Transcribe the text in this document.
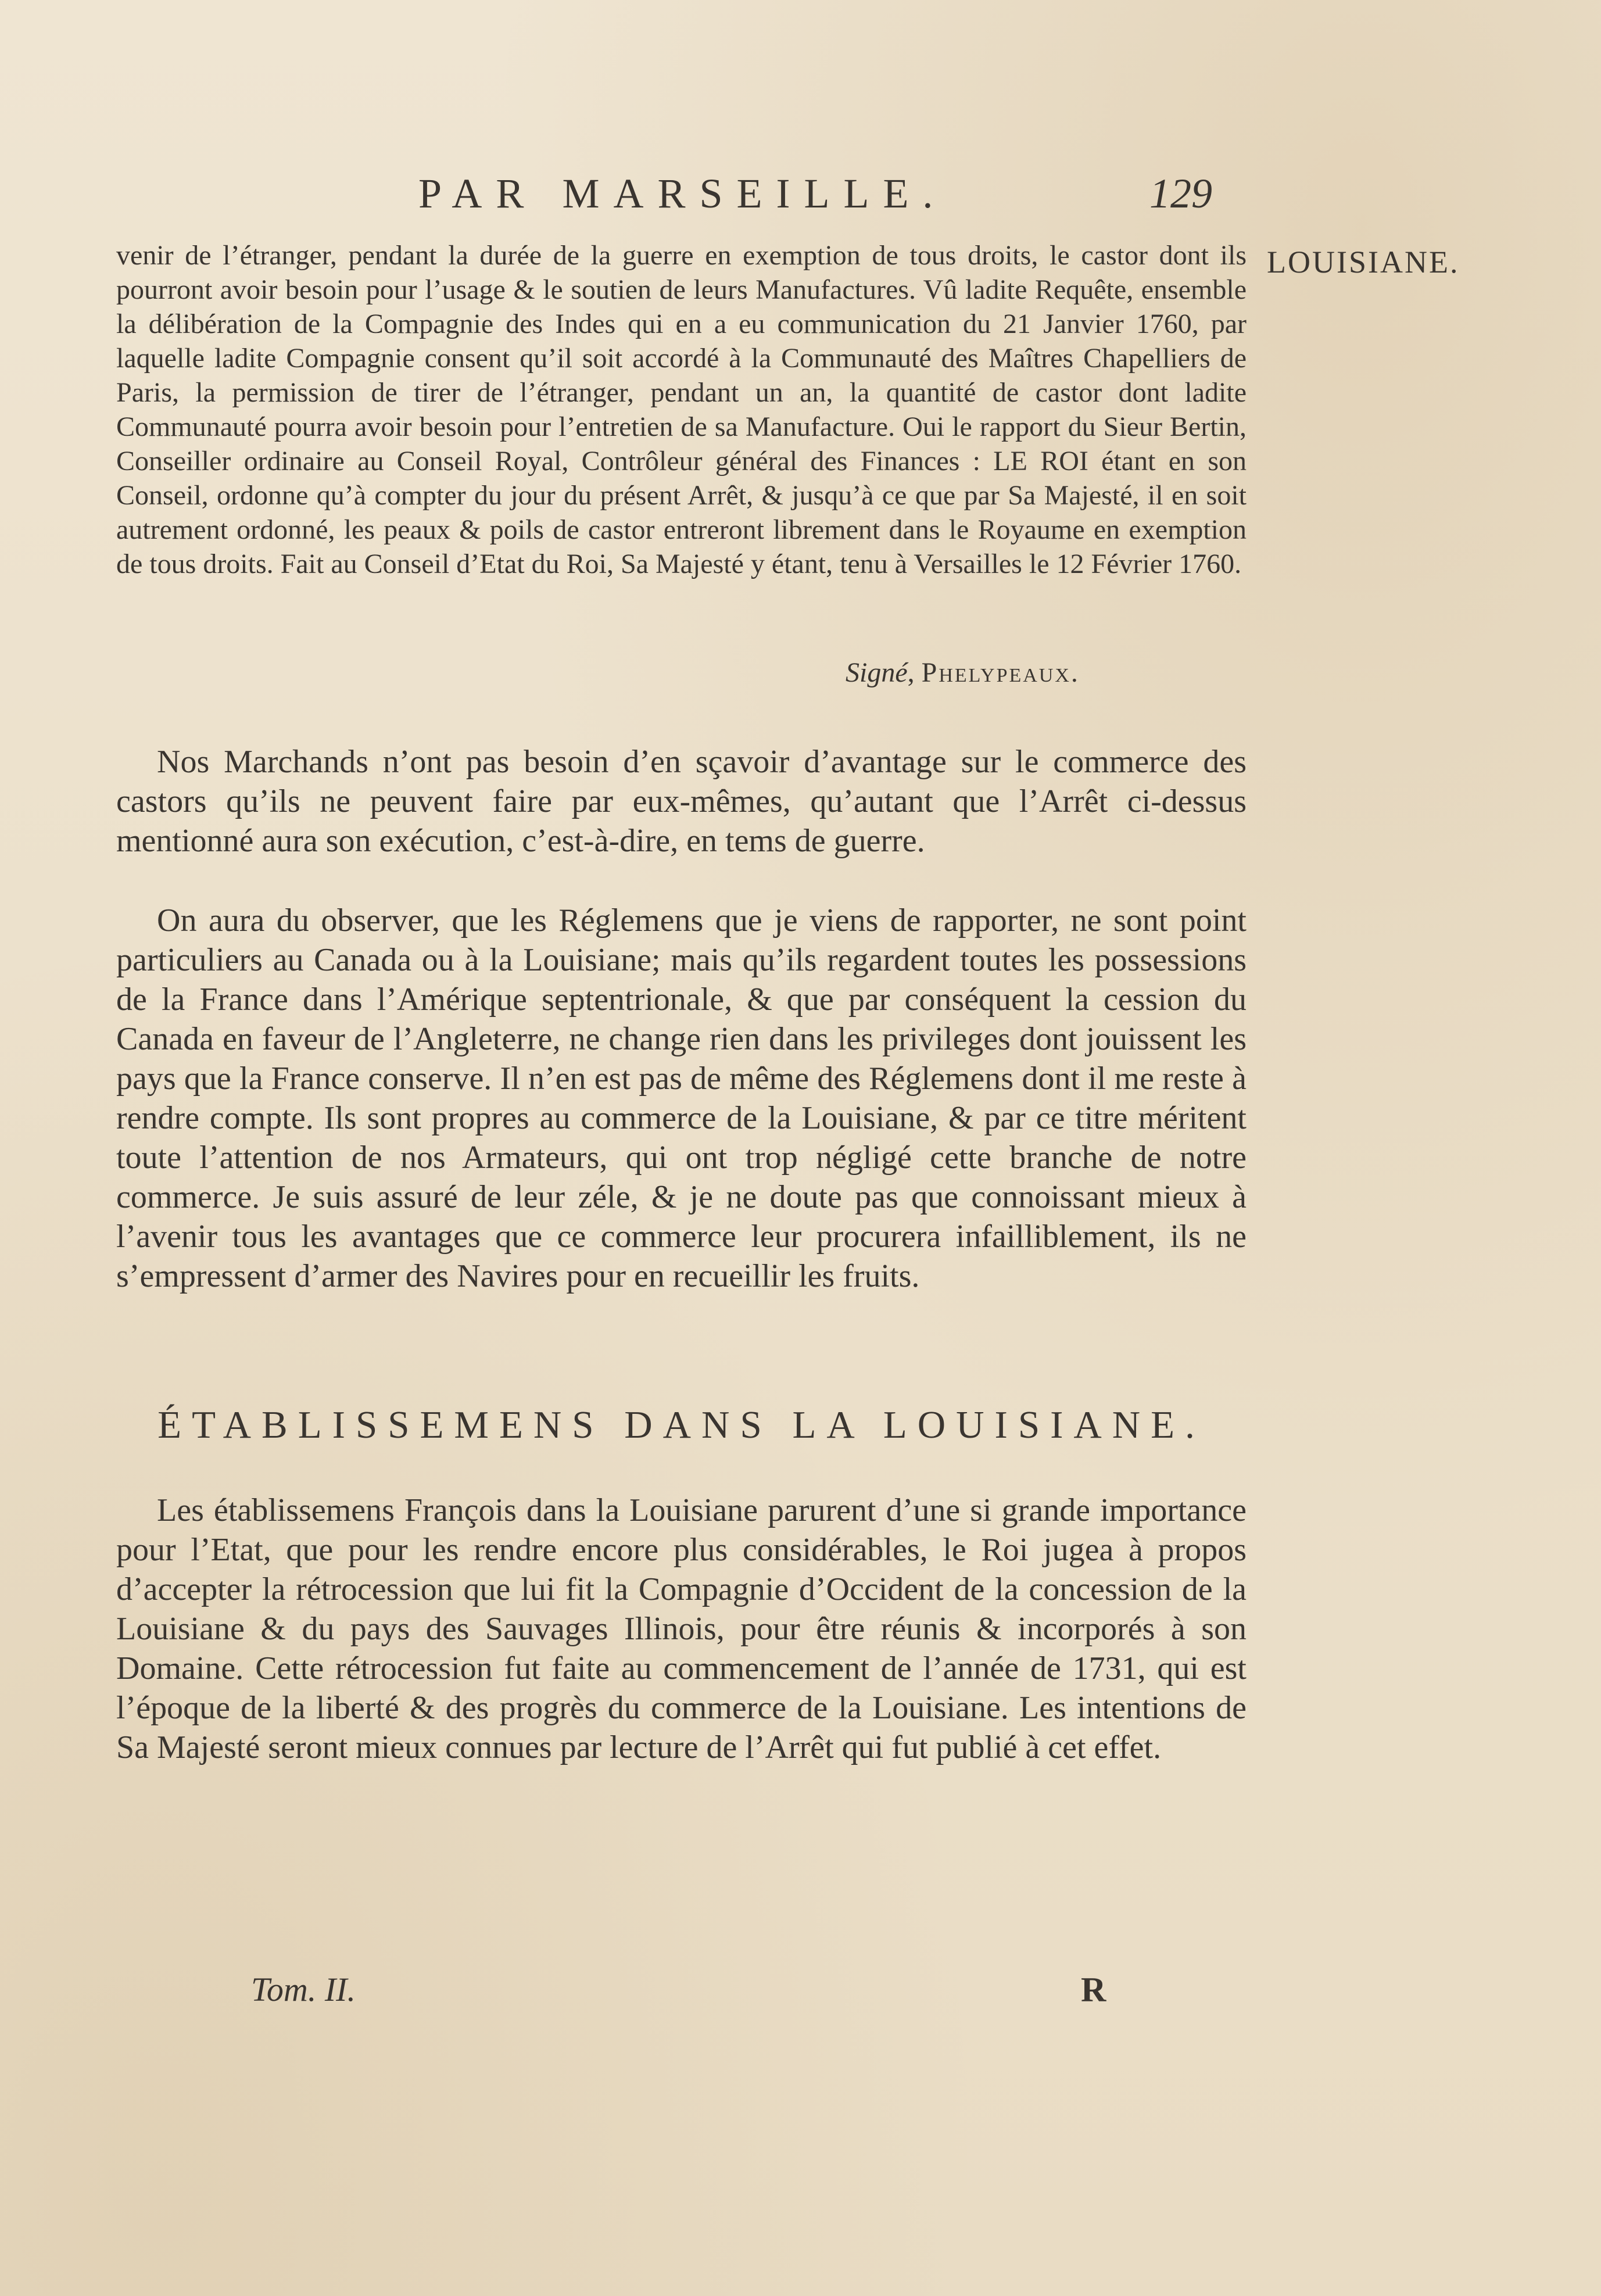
PAR MARSEILLE.	129
LOUISIANE.

venir de l’étranger, pendant la durée de la guerre en exemption de tous droits, le castor dont ils pourront avoir besoin pour l’usage & le soutien de leurs Manufactures. Vû ladite Requête, ensemble la délibération de la Compagnie des Indes qui en a eu communication du 21 Janvier 1760, par laquelle ladite Compagnie consent qu’il soit accordé à la Communauté des Maîtres Chapelliers de Paris, la permission de tirer de l’étranger, pendant un an, la quantité de castor dont ladite Communauté pourra avoir besoin pour l’entretien de sa Manufacture. Oui le rapport du Sieur Bertin, Conseiller ordinaire au Conseil Royal, Contrôleur général des Finances : LE ROI étant en son Conseil, ordonne qu’à compter du jour du présent Arrêt, & jusqu’à ce que par Sa Majesté, il en soit autrement ordonné, les peaux & poils de castor entreront librement dans le Royaume en exemption de tous droits. Fait au Conseil d’Etat du Roi, Sa Majesté y étant, tenu à Versailles le 12 Février 1760.

Signé, Phelypeaux.

Nos Marchands n’ont pas besoin d’en sçavoir d’avantage sur le commerce des castors qu’ils ne peuvent faire par eux-mêmes, qu’autant que l’Arrêt ci-dessus mentionné aura son exécution, c’est-à-dire, en tems de guerre.

On aura du observer, que les Réglemens que je viens de rapporter, ne sont point particuliers au Canada ou à la Louisiane; mais qu’ils regardent toutes les possessions de la France dans l’Amérique septentrionale, & que par conséquent la cession du Canada en faveur de l’Angleterre, ne change rien dans les privileges dont jouissent les pays que la France conserve. Il n’en est pas de même des Réglemens dont il me reste à rendre compte. Ils sont propres au commerce de la Louisiane, & par ce titre méritent toute l’attention de nos Armateurs, qui ont trop négligé cette branche de notre commerce. Je suis assuré de leur zéle, & je ne doute pas que connoissant mieux à l’avenir tous les avantages que ce commerce leur procurera infailliblement, ils ne s’empressent d’armer des Navires pour en recueillir les fruits.

ÉTABLISSEMENS DANS LA LOUISIANE.

Les établissemens François dans la Louisiane parurent d’une si grande importance pour l’Etat, que pour les rendre encore plus considérables, le Roi jugea à propos d’accepter la rétrocession que lui fit la Compagnie d’Occident de la concession de la Louisiane & du pays des Sauvages Illinois, pour être réunis & incorporés à son Domaine. Cette rétrocession fut faite au commencement de l’année de 1731, qui est l’époque de la liberté & des progrès du commerce de la Louisiane. Les intentions de Sa Majesté seront mieux connues par lecture de l’Arrêt qui fut publié à cet effet.

Tom. II.	R
